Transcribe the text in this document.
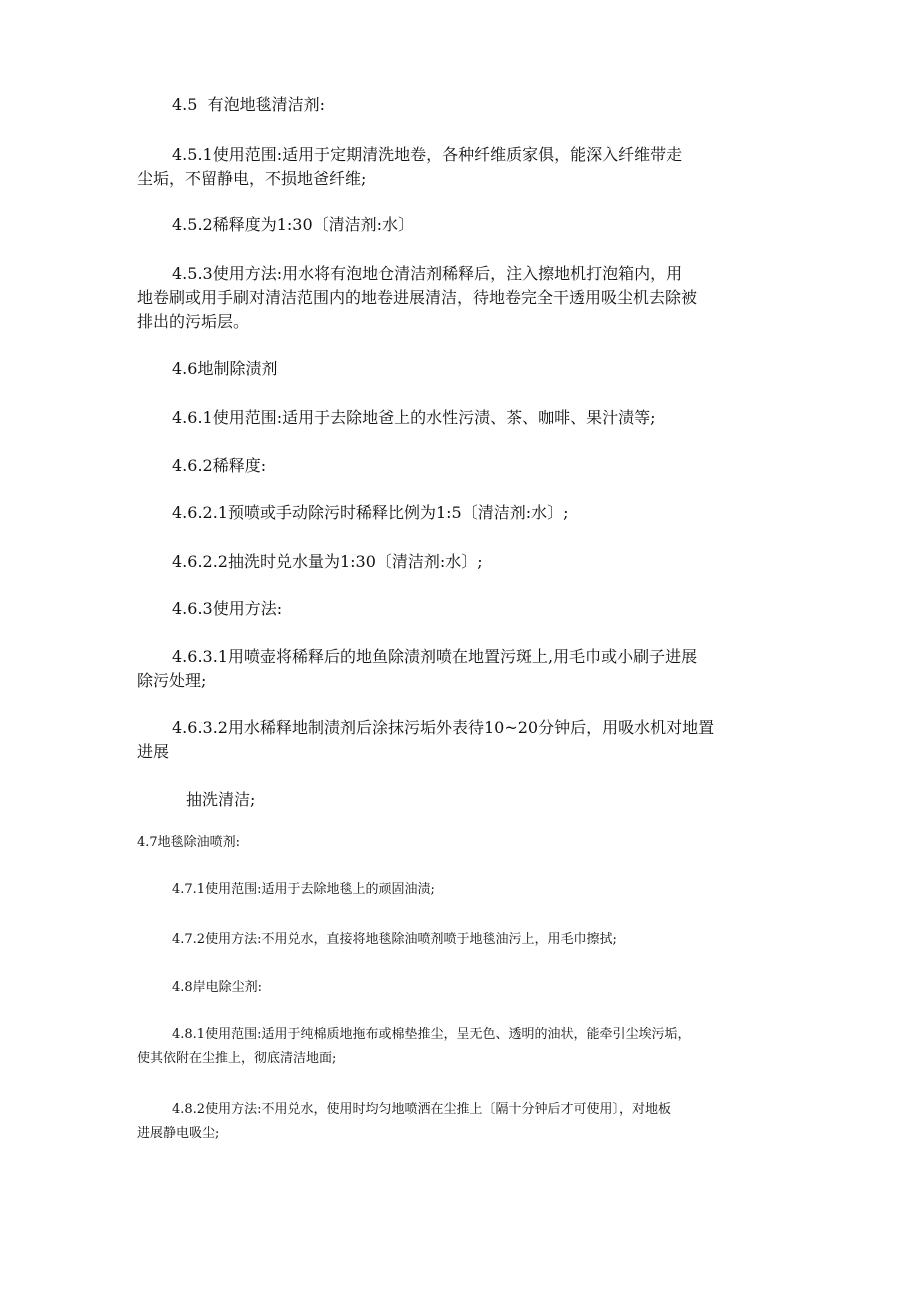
4.5  有泡地毯清洁剂:

4.5.1使用范围:适用于定期清洗地卷，各种纤维质家俱，能深入纤维带走

尘垢，不留静电，不损地爸纤维;

4.5.2稀释度为1:30〔清洁剂:水〕

4.5.3使用方法:用水将有泡地仓清洁剂稀释后，注入擦地机打泡箱内，用

地卷刷或用手刷对清洁范围内的地卷进展清洁，待地卷完全干透用吸尘机去除被

排出的污垢层。

4.6地制除渍剂

4.6.1使用范围:适用于去除地爸上的水性污渍、茶、咖啡、果汁渍等;

4.6.2稀释度:

4.6.2.1预喷或手动除污时稀释比例为1:5〔清洁剂:水〕;

4.6.2.2抽洗时兑水量为1:30〔清洁剂:水〕;

4.6.3使用方法:

4.6.3.1用喷壶将稀释后的地鱼除渍剂喷在地置污斑上,用毛巾或小刷子进展

除污处理;

4.6.3.2用水稀释地制渍剂后涂抹污垢外表待10~20分钟后，用吸水机对地置

进展

抽洗清洁;

4.7地毯除油喷剂:

4.7.1使用范围:适用于去除地毯上的顽固油渍;

4.7.2使用方法:不用兑水，直接将地毯除油喷剂喷于地毯油污上，用毛巾擦拭;

4.8岸电除尘剂:

4.8.1使用范围:适用于纯棉质地拖布或棉垫推尘，呈无色、透明的油状，能牵引尘埃污垢，

使其依附在尘推上，彻底清洁地面;

4.8.2使用方法:不用兑水，使用时均匀地喷洒在尘推上〔隔十分钟后才可使用〕，对地板

进展静电吸尘;
